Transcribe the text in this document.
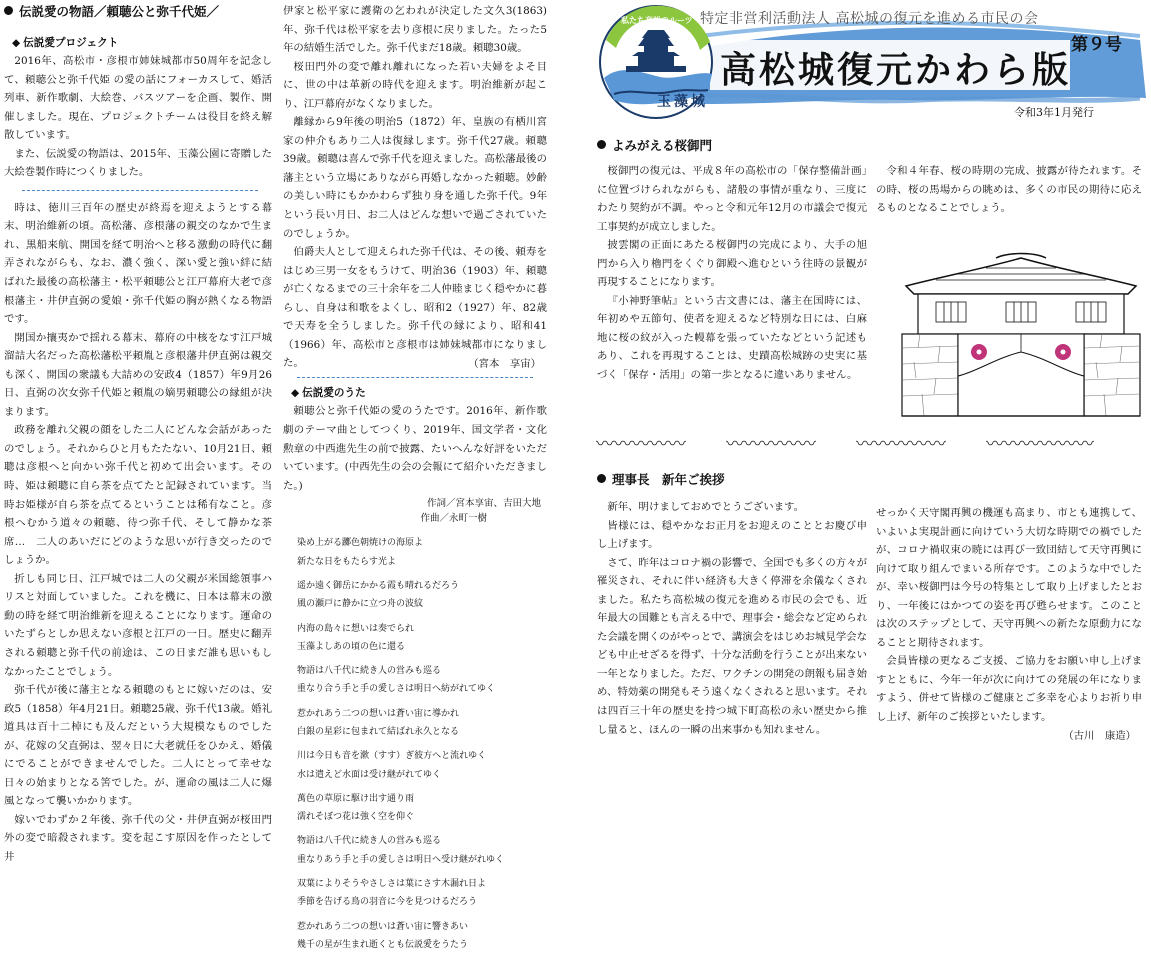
伝説愛の物語／頼聴公と弥千代姫／
◆ 伝説愛プロジェクト

2016年、高松市・彦根市姉妹城都市50周年を記念して、頼聴公と弥千代姫 の愛の話にフォーカスして、婚活列車、新作歌劇、大絵巻、バスツアーを企画、製作、開催しました。現在、プロジェクトチームは役目を終え解散しています。

また、伝説愛の物語は、2015年、玉藻公園に寄贈した大絵巻製作時につくりました。

時は、徳川三百年の歴史が終焉を迎えようとする幕末、明治維新の頃。高松藩、彦根藩の親交のなかで生まれ、黒船来航、開国を経て明治へと移る激動の時代に翻弄されながらも、なお、濃く強く、深い愛と強い絆に結ばれた最後の高松藩主・松平頼聴公と江戸幕府大老で彦根藩主・井伊直弼の愛娘・弥千代姫の胸が熱くなる物語です。

開国か攘夷かで揺れる幕末、幕府の中核をなす江戸城溜詰大名だった高松藩松平頼胤と彦根藩井伊直弼は親交も深く、開国の衆議も大詰めの安政4（1857）年9月26日、直弼の次女弥千代姫と頼胤の嫡男頼聰公の縁組が決まります。

政務を離れ父親の顔をした二人にどんな会話があったのでしょう。それからひと月もたたない、10月21日、頼聰は彦根へと向かい弥千代と初めて出会います。その時、姫は頼聰に自ら茶を点てたと記録されています。当時お姫様が自ら茶を点てるということは稀有なこと。彦根へむかう道々の頼聴、待つ弥千代、そして静かな茶席…　二人のあいだにどのような思いが行き交ったのでしょうか。

折しも同じ日、江戸城では二人の父親が米国総領事ハリスと対面していました。これを機に、日本は幕末の激動の時を経て明治維新を迎えることになります。運命のいたずらとしか思えない彦根と江戸の一日。歴史に翻弄される頼聰と弥千代の前途は、この日まだ誰も思いもしなかったことでしょう。

弥千代が後に藩主となる頼聰のもとに嫁いだのは、安政5（1858）年4月21日。頼聰25歳、弥千代13歳。婚礼道具は百十二棹にも及んだという大規模なものでしたが、花嫁の父直弼は、翌々日に大老就任をひかえ、婚儀にでることができませんでした。二人にとって幸せな日々の始まりとなる筈でした。が、運命の風は二人に爆風となって襲いかかります。

嫁いでわずか２年後、弥千代の父・井伊直弼が桜田門外の変で暗殺されます。変を起こす原因を作ったとして井

伊家と松平家に護衛の乞われが決定した文久3(1863) 年、弥千代は松平家を去り彦根に戻りました。たった5年の結婚生活でした。弥千代まだ18歳。頼聰30歳。

桜田門外の変で離れ離れになった若い夫婦をよそ目に、世の中は革新の時代を迎えます。明治維新が起こり、江戸幕府がなくなりました。

離縁から9年後の明治5（1872）年、皇族の有栖川宮家の仲介もあり二人は復縁します。弥千代27歳。頼聰39歳。頼聰は喜んで弥千代を迎えました。高松藩最後の藩主という立場にありながら再婚しなかった頼聴。妙齢の美しい時にもかかわらず独り身を通した弥千代。9年という長い月日、お二人はどんな想いで過ごされていたのでしょうか。

伯爵夫人として迎えられた弥千代は、その後、頼寿をはじめ三男一女をもうけて、明治36（1903）年、頼聰が亡くなるまでの三十余年を二人仲睦まじく穏やかに暮らし、自身は和歌をよくし、昭和2（1927）年、82歳で天寿を全うしました。弥千代の縁により、昭和41（1966）年、高松市と彦根市は姉妹城都市になりました。	（宮本　享宙）
◆ 伝説愛のうた

頼聴公と弥千代姫の愛のうたです。2016年、新作歌劇のテーマ曲としてつくり、2019年、国文学者・文化勲章の中西進先生の前で披露、たいへんな好評をいただいています。(中西先生の会の会報にて紹介いただきました。)

作詞／宮本享宙、吉田大地
作曲／永町一樹
染め上がる躑色朝焼けの海原よ
新たな日をもたらす光よ
遥か遠く御岳にかかる霞も晴れるだろう
風の瀬戸に静かに立つ舟の波紋
内海の島々に想いは奏でられ
玉藻よしあの頃の色に還る
物語は八千代に続き人の営みも巡る
重なり合う手と手の愛しさは明日へ紡がれてゆく
惹かれあう二つの想いは蒼い宙に導かれ
白銀の星彩に包まれて結ばれ永久となる
川は今日も音を漱（すす）ぎ彼方へと流れゆく
水は遣えど水面は受け継がれてゆく
萬色の草原に駆け出す通り雨
濡れそぼつ花は強く空を仰ぐ
物語は八千代に続き人の営みも巡る
重なりあう手と手の愛しさは明日へ受け継がれゆく
双葉によりそうやさしさは葉にさす木漏れ日よ
季節を告げる鳥の羽音に今を見つけるだろう
惹かれあう二つの想いは蒼い宙に響きあい
幾千の星が生まれ逝くとも伝説愛をうたう
私たち高松のルーツ 特定非営利活動法人 高松城の復元を進める市民の会
高松城復元かわら版
第９号
玉藻城
令和3年1月発行
よみがえる桜御門

桜御門の復元は、平成８年の高松市の「保存整備計画」に位置づけられながらも、諸般の事情が重なり、三度にわたり契約が不調。やっと令和元年12月の市議会で復元工事契約が成立しました。

披雲閣の正面にあたる桜御門の完成により、大手の旭門から入り櫓門をくぐり御殿へ進むという往時の景観が再現することになります。

『小神野筆帖』という古文書には、藩主在国時には、年初めや五節句、使者を迎えるなど特別な日には、白麻地に桜の紋が入った幔幕を張っていたなどという記述もあり、これを再現することは、史蹟高松城跡の史実に基づく「保存・活用」の第一歩となるに違いありません。

令和４年春、桜の時期の完成、披露が待たれます。その時、桜の馬場からの眺めは、多くの市民の期待に応えるものとなることでしょう。

〰〰〰〰〰 〰〰〰〰〰 〰〰〰〰〰 〰〰〰〰〰〰
理事長　新年ご挨拶

新年、明けましておめでとうございます。

皆様には、穏やかなお正月をお迎えのこととお慶び申し上げます。

さて、昨年はコロナ禍の影響で、全国でも多くの方々が罹災され、それに伴い経済も大きく停滞を余儀なくされました。私たち高松城の復元を進める市民の会でも、近年最大の国難とも言える中で、理事会・総会など定められた会議を開くのがやっとで、講演会をはじめお城見学会なども中止せざるを得ず、十分な活動を行うことが出来ない一年となりました。ただ、ワクチンの開発の朗報も届き始め、特効薬の開発もそう遠くなくされると思います。それは四百三十年の歴史を持つ城下町高松の永い歴史から推し量ると、ほんの一瞬の出来事かも知れません。

せっかく天守閣再興の機運も高まり、市とも連携して、いよいよ実現計画に向けていう大切な時期での禍でしたが、コロナ禍収束の暁には再び一致団結して天守再興に向けて取り組んでまいる所存です。このような中でしたが、幸い桜御門は今号の特集として取り上げましたとおり、一年後にはかつての姿を再び甦らせます。このことは次のステップとして、天守再興への新たな原動力になることと期待されます。

会員皆様の更なるご支援、ご協力をお願い申し上げますとともに、今年一年が次に向けての発展の年になりますよう、併せて皆様のご健康とご多幸を心よりお祈り申し上げ、新年のご挨拶といたします。

（古川　康造）
